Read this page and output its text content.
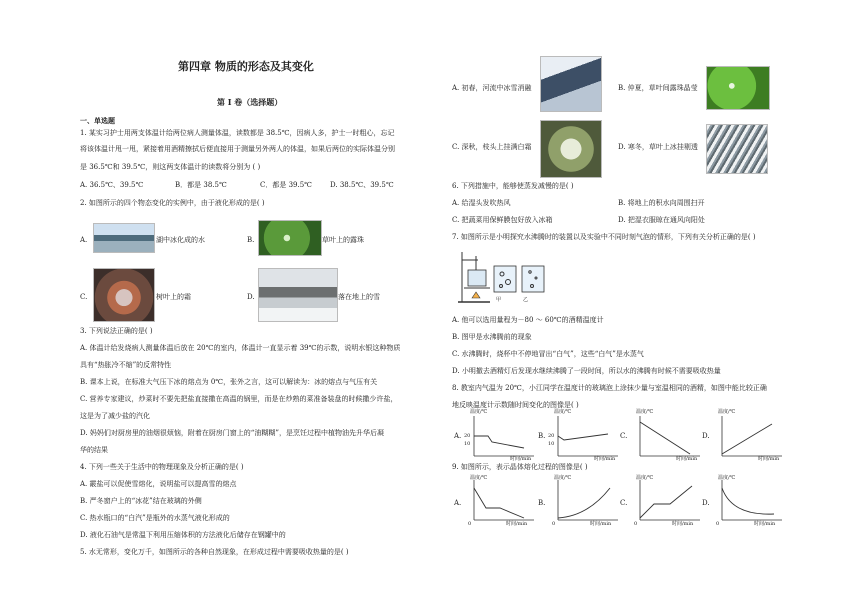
第四章 物质的形态及其变化
第 I 卷（选择题）
一、单选题
1. 某实习护士用两支体温计给两位病人测量体温，读数都是 38.5℃，因病人多，护士一时粗心，忘记
将该体温计甩一甩，紧接着用酒精擦拭后便直接用于测量另外两人的体温，如果后两位的实际体温分别
是 36.5℃和 39.5℃，则这两支体温计的读数将分别为 ( )
A. 36.5℃、39.5℃	B．都是 38.5℃	C．都是 39.5℃	D. 38.5℃、39.5℃
2. 如图所示的四个物态变化的实例中，由于液化形成的是( )
A.	湖中冰化成的水	B.	草叶上的露珠
C.	树叶上的霜	D.	落在地上的雪
3. 下列说法正确的是( )
A. 体温计给发烧病人测量体温后放在 20℃的室内，体温计一直显示着 39℃的示数，说明水银这种物质
具有“热胀冷不缩”的反常特性
B. 课本上说，在标准大气压下冰的熔点为 0℃，张外之言，这可以解读为：冰的熔点与气压有关
C. 营养专家建议，炒菜时不要先把盐直接撒在高温的锅里，而是在炒熟的菜准备装盘的时候撒少许盐，
这是为了减少盐的汽化
D. 妈妈们对厨房里的油烟很烦恼，附着在厨房门窗上的“油糊糊”，是烹饪过程中植物油先升华后凝
华的结果
4. 下列一些关于生活中的物理现象及分析正确的是( )
A. 霰盐可以促使雪熔化，说明盐可以提高雪的熔点
B. 严冬窗户上的“冰花”结在玻璃的外侧
C. 热水瓶口的“白汽”是瓶外的水蒸气液化形成的
D. 液化石油气是常温下利用压缩体积的方法液化后储存在钢罐中的
5. 水无常形，变化万千，如图所示的各种自然现象，在形成过程中需要吸收热量的是( )
A. 初春，河流中冰雪消融	B. 仲夏，草叶间露珠晶莹
C. 深秋，枝头上挂满白霜	D. 寒冬，草叶上冰挂剔透
6. 下列措施中，能够使蒸发减慢的是( )
A. 给湿头发吹热风	B. 将地上的积水向周围扫开
C. 把蔬菜用保鲜膜包好放入冰箱	D. 把湿衣服晾在通风向阳处
7. 如图所示是小明探究水沸腾时的装置以及实验中不同时刻气泡的情形，下列有关分析正确的是( )
甲	乙
A. 他可以选用量程为－80 ～ 60℃的酒精温度计
B. 图甲是水沸腾前的现象
C. 水沸腾时，烧杯中不停地冒出“白气”，这些“白气”是水蒸气
D. 小明撤去酒精灯后发现水继续沸腾了一段时间，所以水的沸腾有时候不需要吸收热量
8. 教室内气温为 20℃，小江同学在温度计的玻璃泡上涂抹少量与室温相同的酒精，如图中能比较正确
地反映温度计示数随时间变化的图像是( )
A.
温度/℃
时间/min
20
10
B.
温度/℃
时间/min
20
10
C.
温度/℃
时间/min
D.
温度/℃
时间/min
9. 如图所示，表示晶体熔化过程的图像是( )
A.
温度/℃
时间/min
0
B.
温度/℃
时间/min
0
C.
温度/℃
时间/min
0
D.
温度/℃
时间/min
0
